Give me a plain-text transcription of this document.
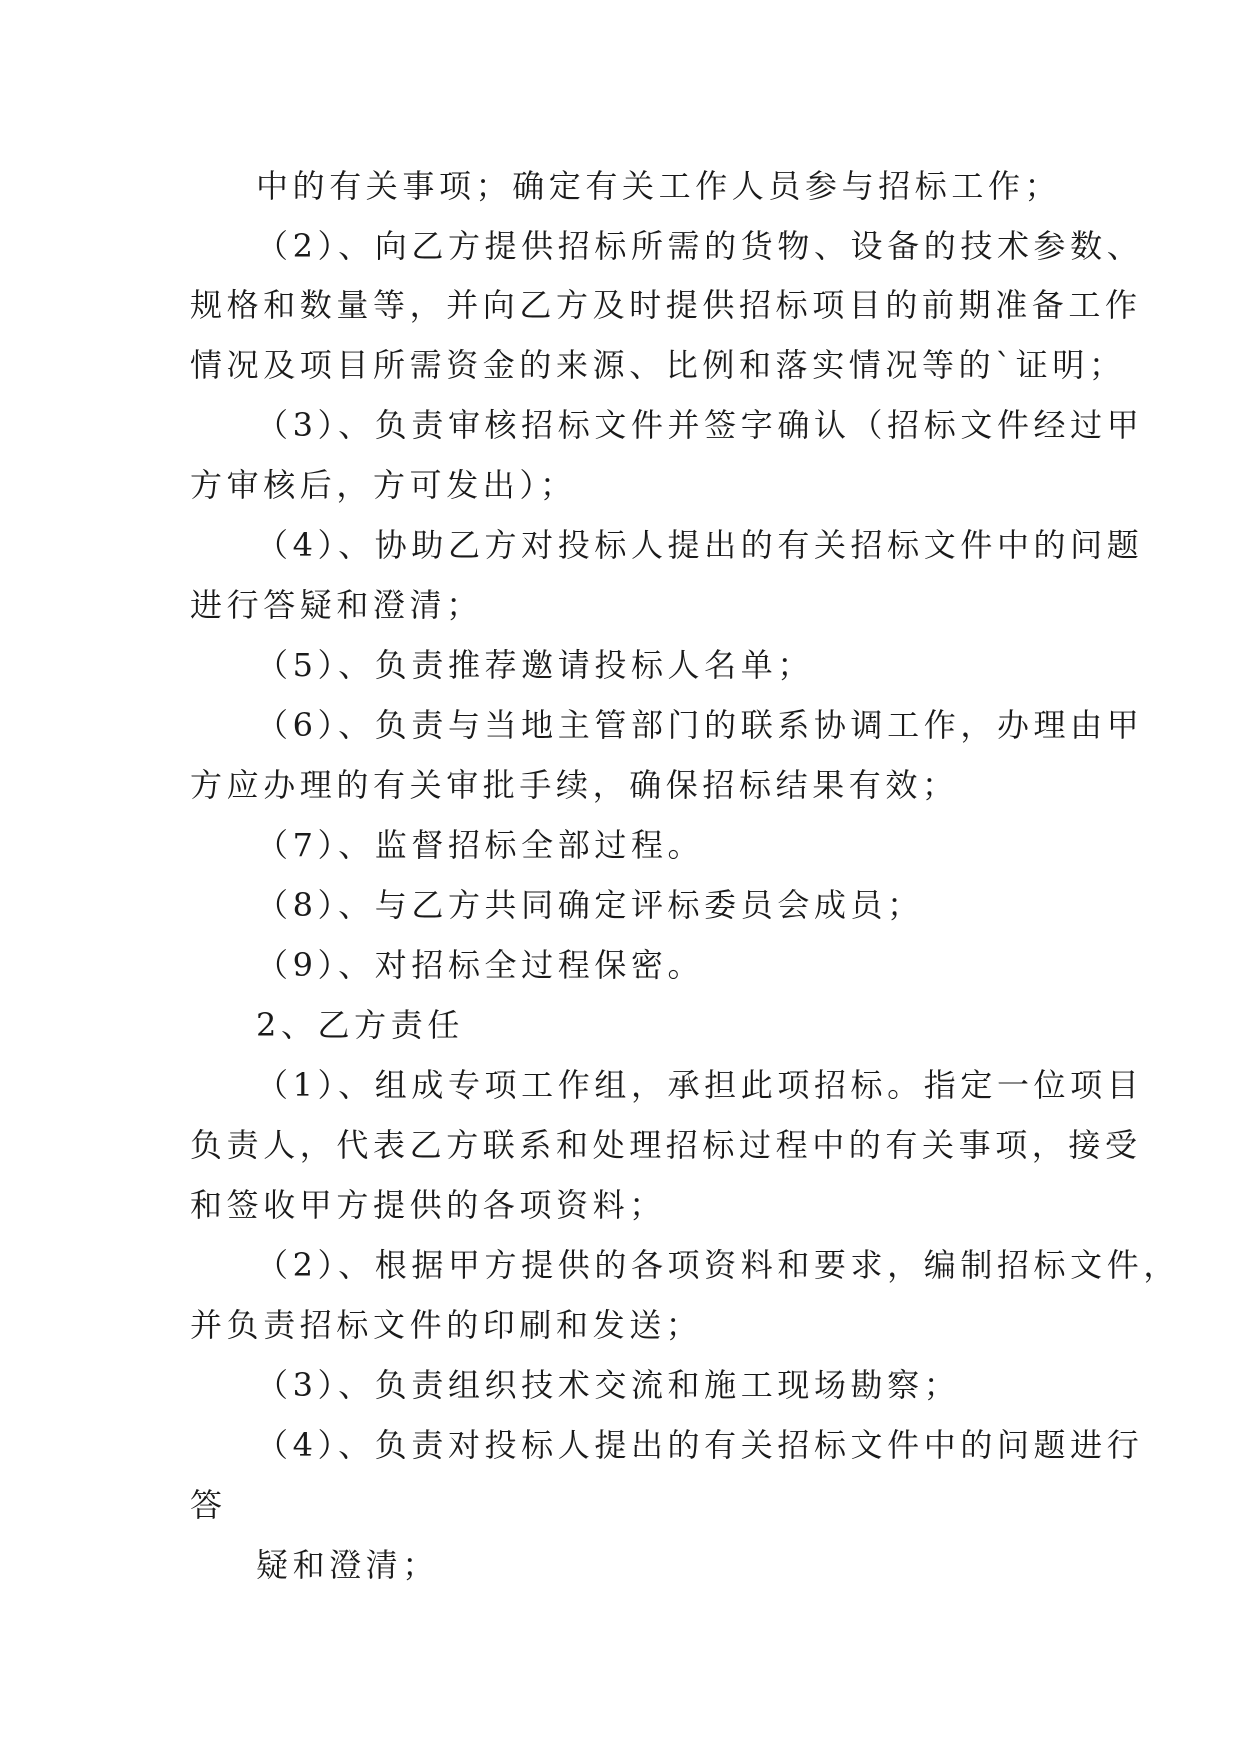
中的有关事项；确定有关工作人员参与招标工作；
（2）、向乙方提供招标所需的货物、设备的技术参数、
规格和数量等，并向乙方及时提供招标项目的前期准备工作
情况及项目所需资金的来源、比例和落实情况等的`证明；
（3）、负责审核招标文件并签字确认（招标文件经过甲
方审核后，方可发出）；
（4）、协助乙方对投标人提出的有关招标文件中的问题
进行答疑和澄清；
（5）、负责推荐邀请投标人名单；
（6）、负责与当地主管部门的联系协调工作，办理由甲
方应办理的有关审批手续，确保招标结果有效；
（7）、监督招标全部过程。
（8）、与乙方共同确定评标委员会成员；
（9）、对招标全过程保密。
2、乙方责任
（1）、组成专项工作组，承担此项招标。指定一位项目
负责人，代表乙方联系和处理招标过程中的有关事项，接受
和签收甲方提供的各项资料；
（2）、根据甲方提供的各项资料和要求，编制招标文件，
并负责招标文件的印刷和发送；
（3）、负责组织技术交流和施工现场勘察；
（4）、负责对投标人提出的有关招标文件中的问题进行
答
疑和澄清；
